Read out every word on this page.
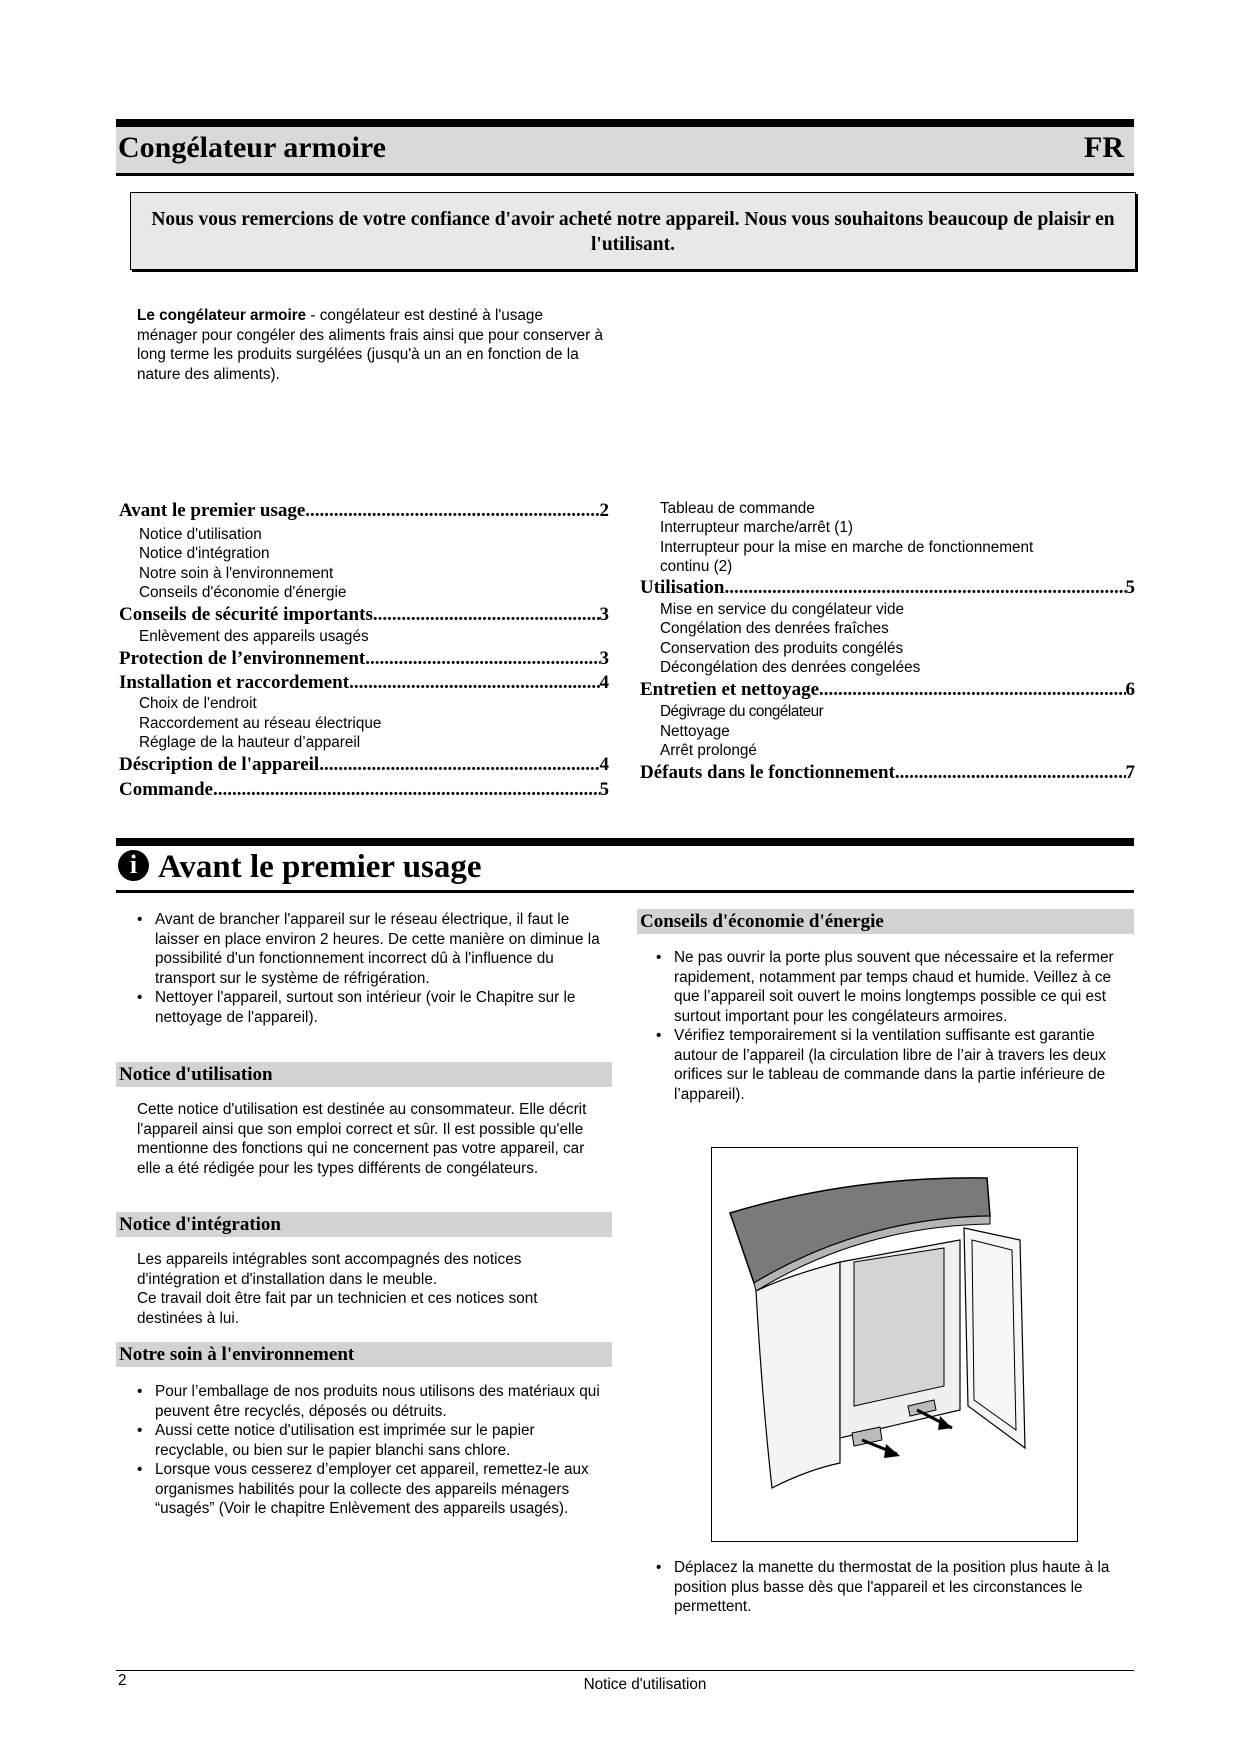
Congélateur armoire	FR
Nous vous remercions de votre confiance d'avoir acheté notre appareil. Nous vous souhaitons beaucoup de plaisir en l'utilisant.
Le congélateur armoire - congélateur est destiné à l'usage ménager pour congéler des aliments frais ainsi que pour conserver à long terme les produits surgélées (jusqu'à un an en fonction de la nature des aliments).
Avant le premier usage .....	2
Notice d'utilisation
Notice d'intégration
Notre soin à l'environnement
Conseils d'économie d'énergie
Conseils de sécurité importants .....	3
Enlèvement des appareils usagés
Protection de l’environnement .....	3
Installation et raccordement .....	4
Choix de l'endroit
Raccordement au réseau électrique
Réglage de la hauteur d’appareil
Déscription de l'appareil .....	4
Commande .....	5
Tableau de commande
Interrupteur marche/arrêt (1)
Interrupteur pour la mise en marche de fonctionnement
continu (2)
Utilisation .....	5
Mise en service du congélateur vide
Congélation des denrées fraîches
Conservation des produits congélés
Décongélation des denrées congelées
Entretien et nettoyage .....	6
Dégivrage du congélateur
Nettoyage
Arrêt prolongé
Défauts dans le fonctionnement .....	7
i Avant le premier usage
• Avant de brancher l'appareil sur le réseau électrique, il faut le laisser en place environ 2 heures. De cette manière on diminue la possibilité d'un fonctionnement incorrect dû à l'influence du transport sur le système de réfrigération.
• Nettoyer l'appareil, surtout son intérieur (voir le Chapitre sur le nettoyage de l'appareil).
Notice d'utilisation
Cette notice d'utilisation est destinée au consommateur. Elle décrit l'appareil ainsi que son emploi correct et sûr. Il est possible qu'elle mentionne des fonctions qui ne concernent pas votre appareil, car elle a été rédigée pour les types différents de congélateurs.
Notice d'intégration
Les appareils intégrables sont accompagnés des notices d'intégration et d'installation dans le meuble.
Ce travail doit être fait par un technicien et ces notices sont destinées à lui.
Notre soin à l'environnement
• Pour l’emballage de nos produits nous utilisons des matériaux qui peuvent être recyclés, déposés ou détruits.
• Aussi cette notice d'utilisation est imprimée sur le papier recyclable, ou bien sur le papier blanchi sans chlore.
• Lorsque vous cesserez d’employer cet appareil, remettez-le aux organismes habilités pour la collecte des appareils ménagers “usagés” (Voir le chapitre Enlèvement des appareils usagés).
Conseils d'économie d'énergie
• Ne pas ouvrir la porte plus souvent que nécessaire et la refermer rapidement, notamment par temps chaud et humide. Veillez à ce que l’appareil soit ouvert le moins longtemps possible ce qui est surtout important pour les congélateurs armoires.
• Vérifiez temporairement si la ventilation suffisante est garantie autour de l’appareil (la circulation libre de l’air à travers les deux orifices sur le tableau de commande dans la partie inférieure de l’appareil).
• Déplacez la manette du thermostat de la position plus haute à la position plus basse dès que l'appareil et les circonstances le permettent.
2	Notice d'utilisation
